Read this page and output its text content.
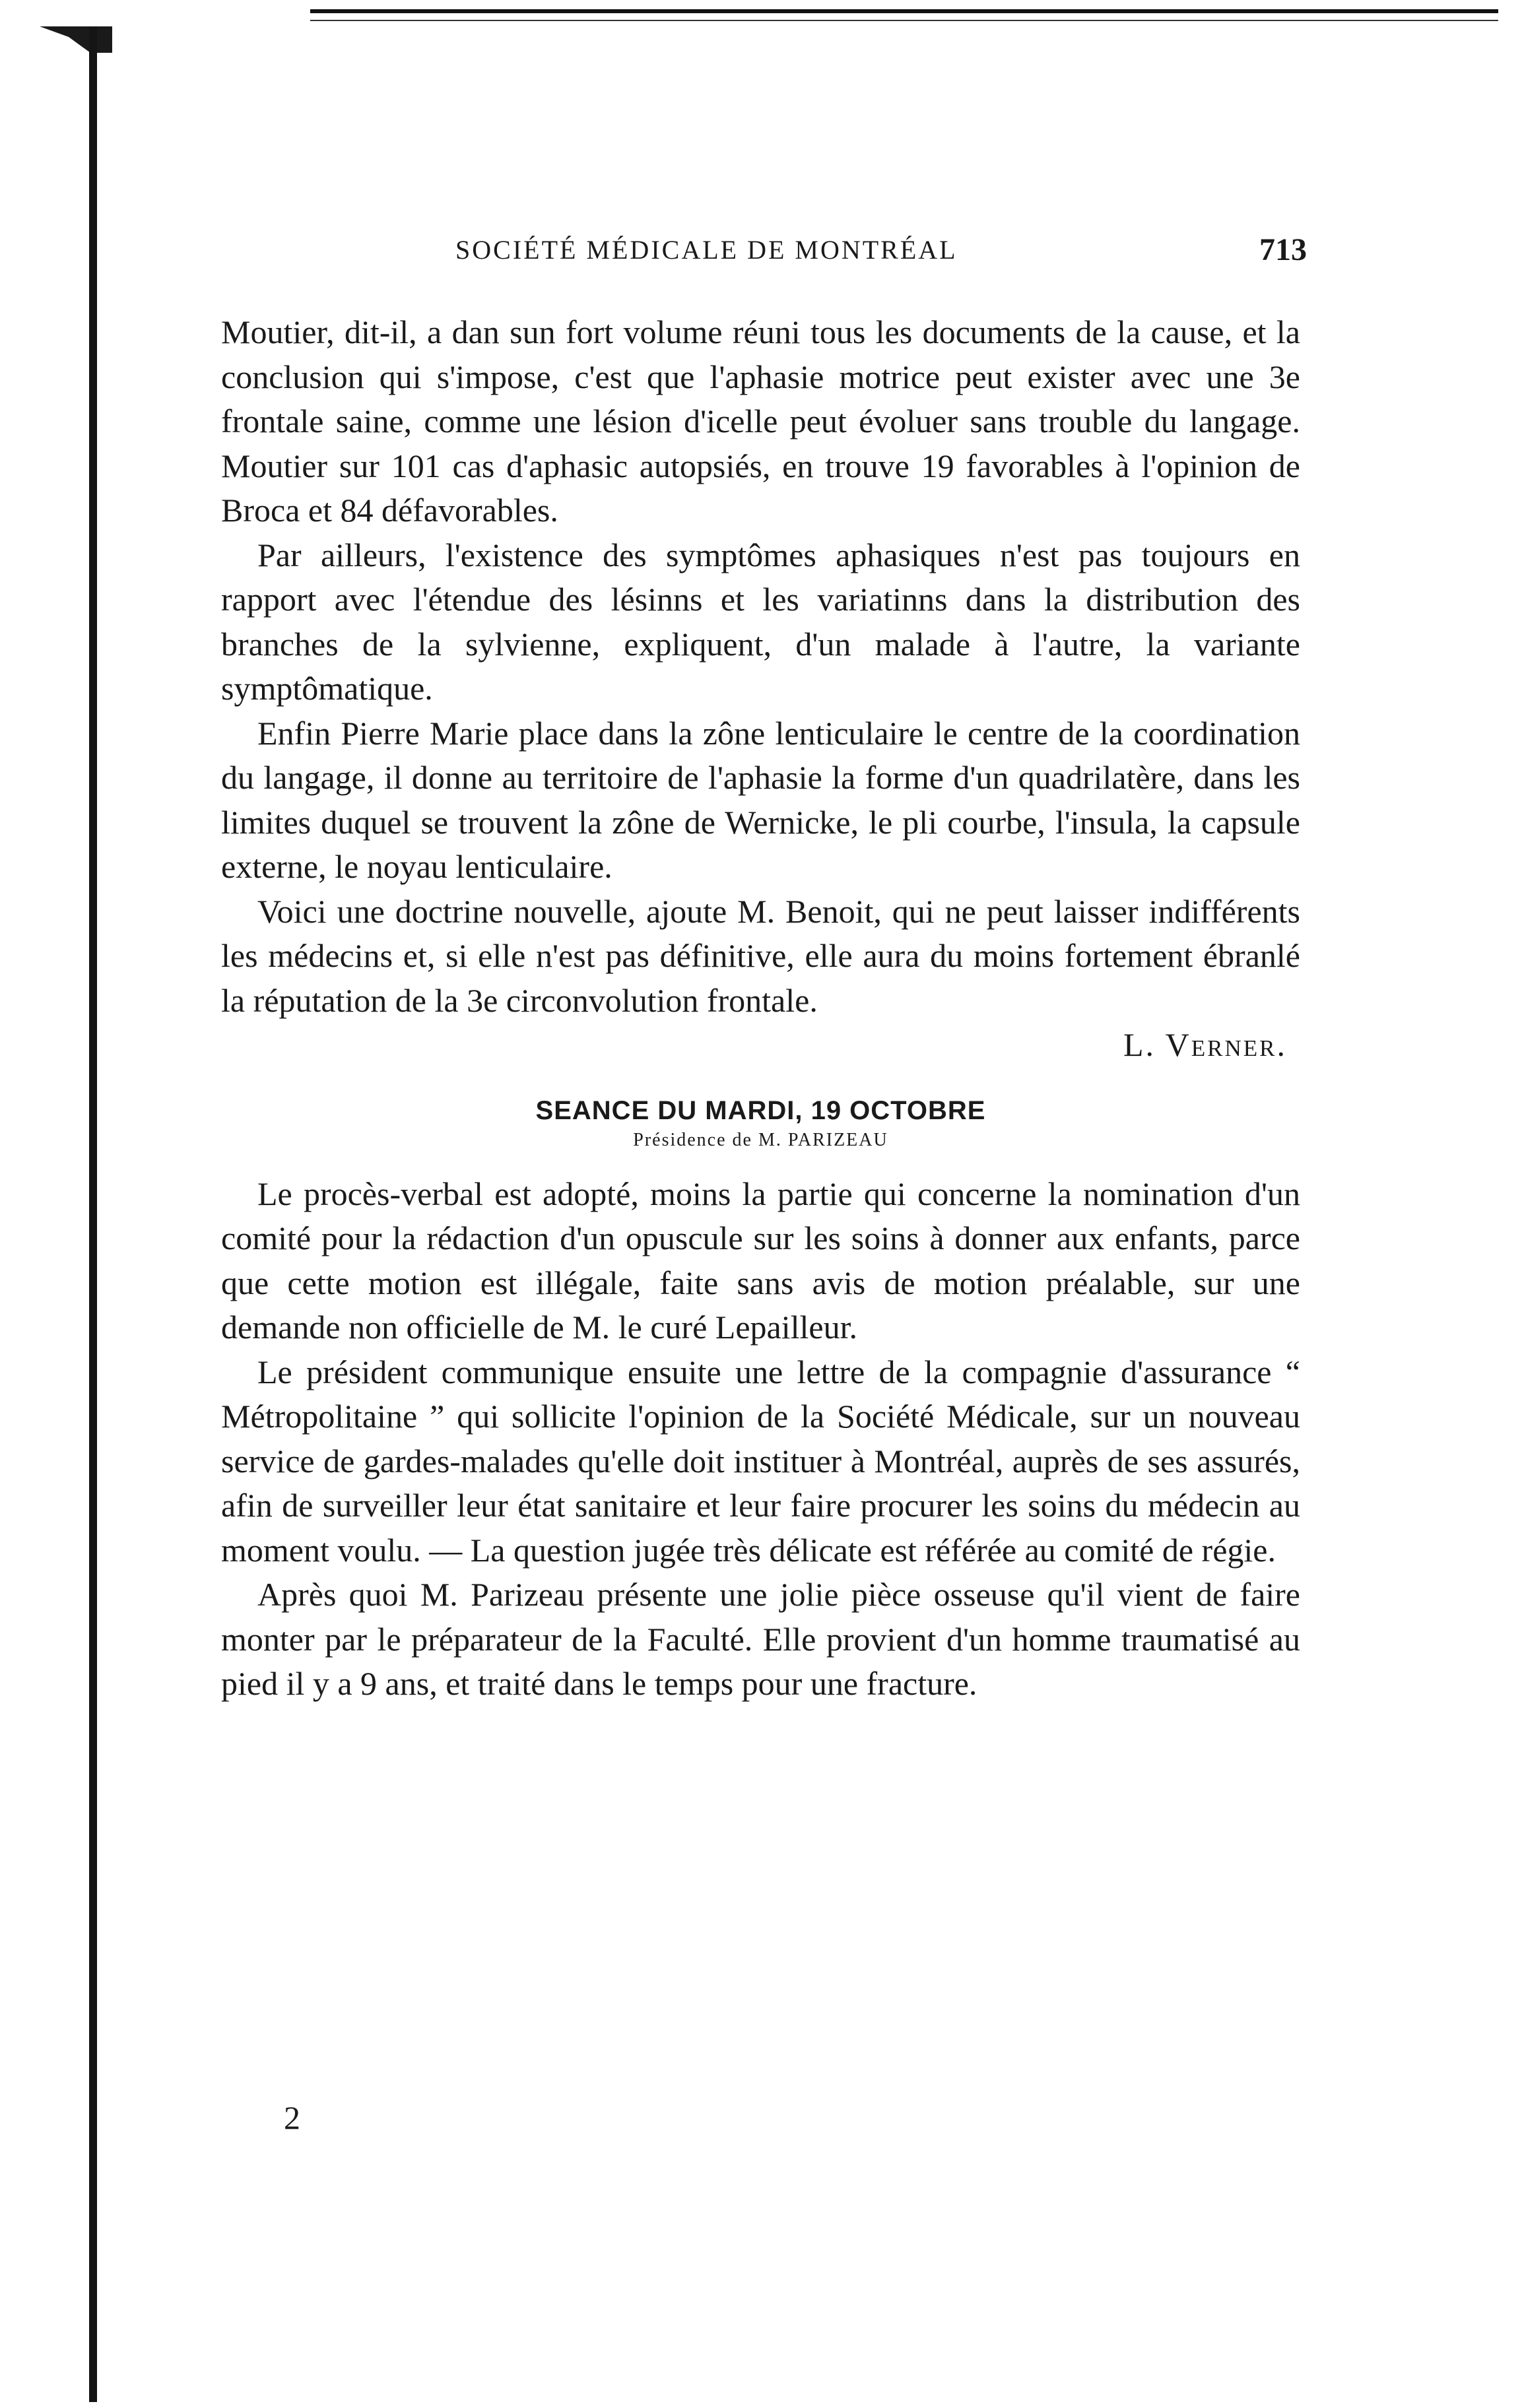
SOCIÉTÉ MÉDICALE DE MONTRÉAL	713

Moutier, dit-il, a dan sun fort volume réuni tous les documents de la cause, et la conclusion qui s'impose, c'est que l'aphasie motrice peut exister avec une 3e frontale saine, comme une lésion d'icelle peut évoluer sans trouble du langage. Moutier sur 101 cas d'aphasic autopsiés, en trouve 19 favorables à l'opinion de Broca et 84 défavorables.

Par ailleurs, l'existence des symptômes aphasiques n'est pas toujours en rapport avec l'étendue des lésinns et les variatinns dans la distribution des branches de la sylvienne, expliquent, d'un malade à l'autre, la variante symptômatique.

Enfin Pierre Marie place dans la zône lenticulaire le centre de la coordination du langage, il donne au territoire de l'aphasie la forme d'un quadrilatère, dans les limites duquel se trouvent la zône de Wernicke, le pli courbe, l'insula, la capsule externe, le noyau lenticulaire.

Voici une doctrine nouvelle, ajoute M. Benoit, qui ne peut laisser indifférents les médecins et, si elle n'est pas définitive, elle aura du moins fortement ébranlé la réputation de la 3e circonvolution frontale.

L. Verner.

SEANCE DU MARDI, 19 OCTOBRE
Présidence de M. PARIZEAU

Le procès-verbal est adopté, moins la partie qui concerne la nomination d'un comité pour la rédaction d'un opuscule sur les soins à donner aux enfants, parce que cette motion est illégale, faite sans avis de motion préalable, sur une demande non officielle de M. le curé Lepailleur.

Le président communique ensuite une lettre de la compagnie d'assurance “ Métropolitaine ” qui sollicite l'opinion de la Société Médicale, sur un nouveau service de gardes-malades qu'elle doit instituer à Montréal, auprès de ses assurés, afin de surveiller leur état sanitaire et leur faire procurer les soins du médecin au moment voulu. — La question jugée très délicate est référée au comité de régie.

Après quoi M. Parizeau présente une jolie pièce osseuse qu'il vient de faire monter par le préparateur de la Faculté. Elle provient d'un homme traumatisé au pied il y a 9 ans, et traité dans le temps pour une fracture.

2
